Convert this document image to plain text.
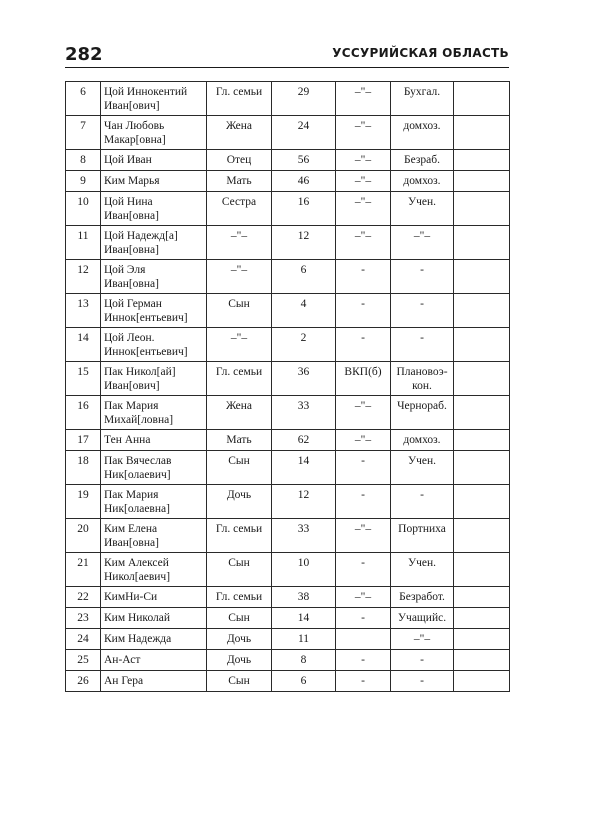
282	УССУРИЙСКАЯ ОБЛАСТЬ
6	Цой Иннокентий Иван[ович]	Гл. семьи	29	–"–	Бухгал.	
7	Чан Любовь Макар[овна]	Жена	24	–"–	домхоз.	
8	Цой Иван	Отец	56	–"–	Безраб.	
9	Ким Марья	Мать	46	–"–	домхоз.	
10	Цой Нина Иван[овна]	Сестра	16	–"–	Учен.	
11	Цой Надежд[а] Иван[овна]	–"–	12	–"–	–"–	
12	Цой Эля Иван[овна]	–"–	6	-	-	
13	Цой Герман Иннок[ентьевич]	Сын	4	-	-	
14	Цой Леон. Иннок[ентьевич]	–"–	2	-	-	
15	Пак Никол[ай] Иван[ович]	Гл. семьи	36	ВКП(б)	Плановоэ-кон.	
16	Пак Мария Михай[ловна]	Жена	33	–"–	Чернораб.	
17	Тен Анна	Мать	62	–"–	домхоз.	
18	Пак Вячеслав Ник[олаевич]	Сын	14	-	Учен.	
19	Пак Мария Ник[олаевна]	Дочь	12	-	-	
20	Ким Елена Иван[овна]	Гл. семьи	33	–"–	Портниха	
21	Ким Алексей Никол[аевич]	Сын	10	-	Учен.	
22	КимНи-Си	Гл. семьи	38	–"–	Безработ.	
23	Ким Николай	Сын	14	-	Учащийс.	
24	Ким Надежда	Дочь	11		–"–	
25	Ан-Аст	Дочь	8	-	-	
26	Ан Гера	Сын	6	-	-	
